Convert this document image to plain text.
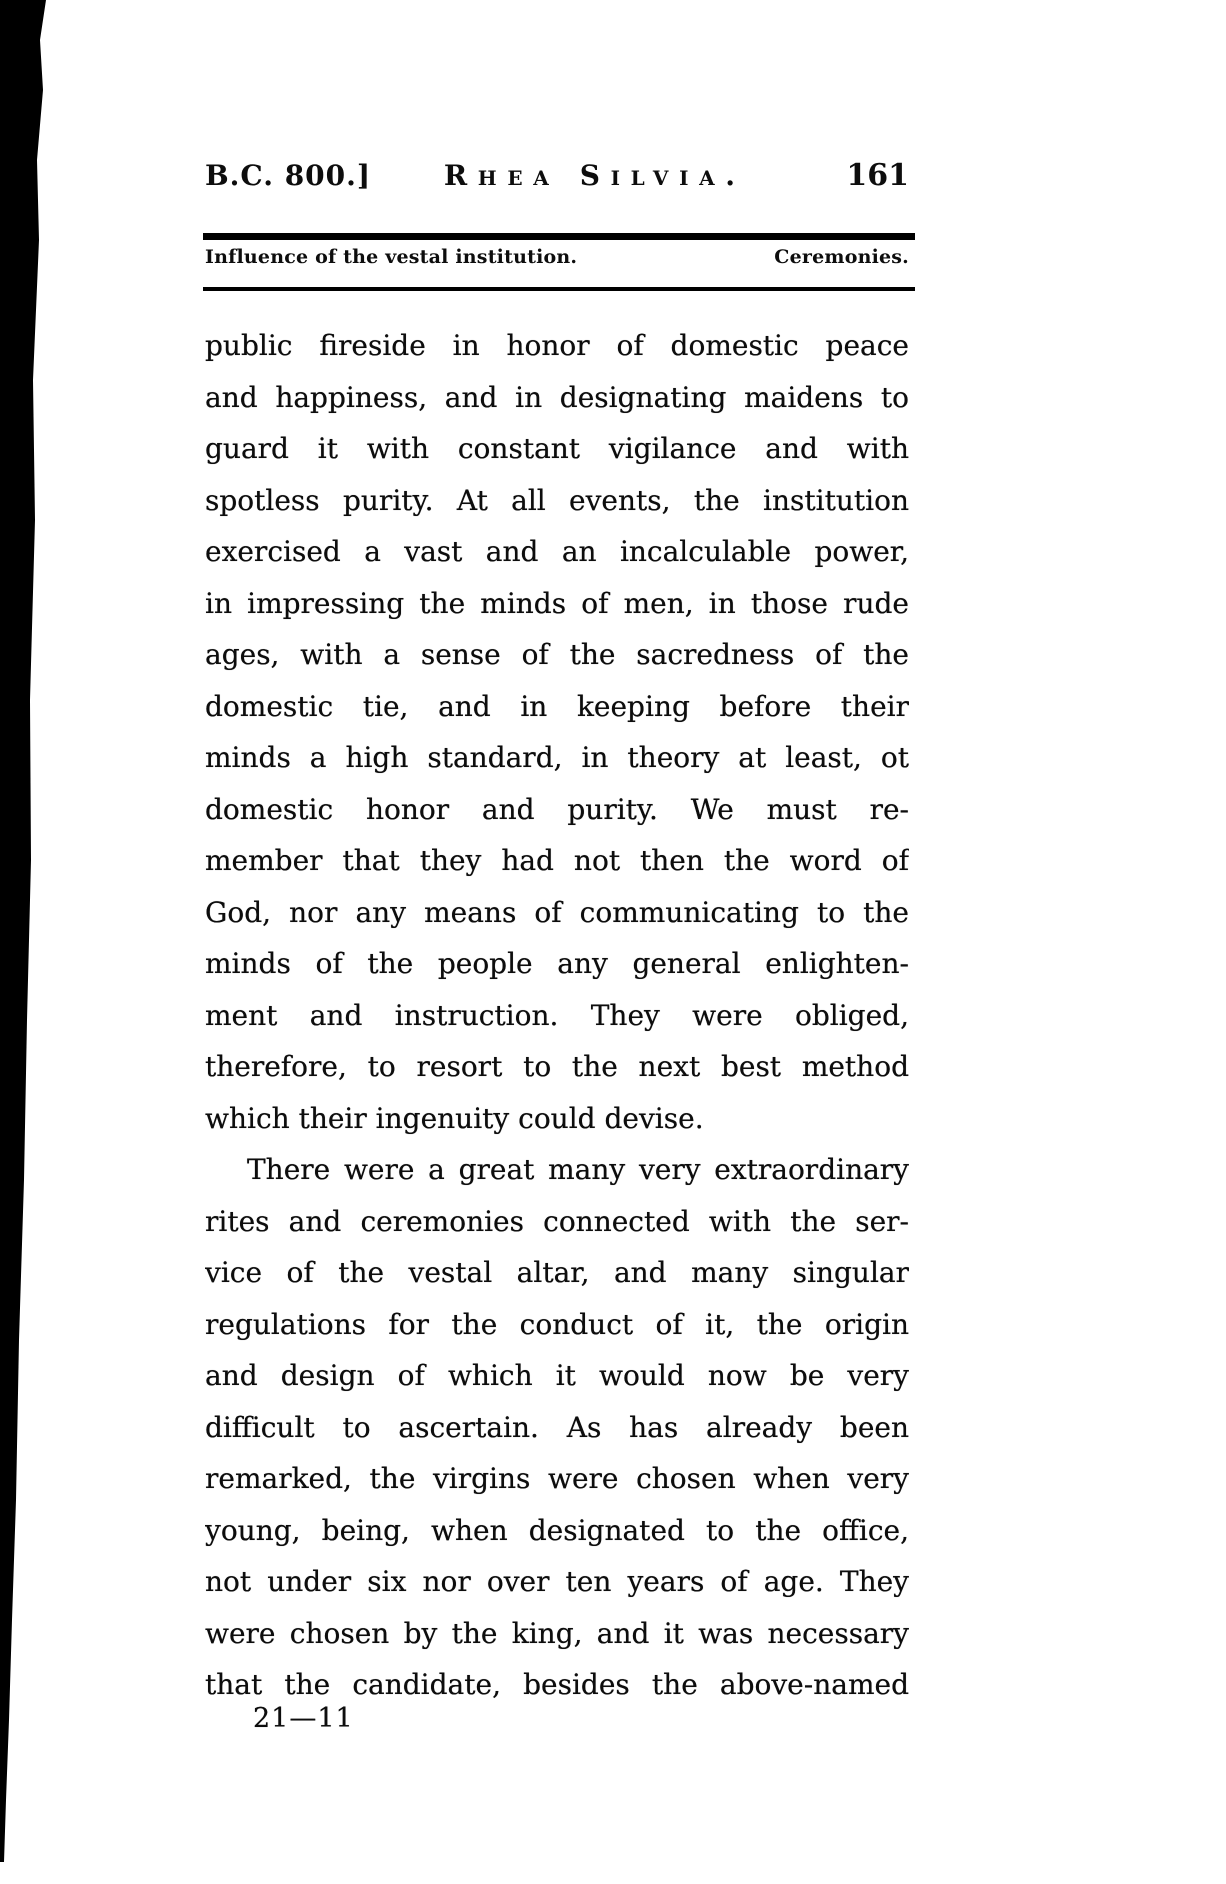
B.C. 800.]	Rhea Silvia.	161
Influence of the vestal institution.	Ceremonies.
public fireside in honor of domestic peace
and happiness, and in designating maidens to
guard it with constant vigilance and with
spotless purity. At all events, the institution
exercised a vast and an incalculable power,
in impressing the minds of men, in those rude
ages, with a sense of the sacredness of the
domestic tie, and in keeping before their
minds a high standard, in theory at least, ot
domestic honor and purity. We must re-
member that they had not then the word of
God, nor any means of communicating to the
minds of the people any general enlighten-
ment and instruction. They were obliged,
therefore, to resort to the next best method
which their ingenuity could devise.
There were a great many very extraordinary
rites and ceremonies connected with the ser-
vice of the vestal altar, and many singular
regulations for the conduct of it, the origin
and design of which it would now be very
difficult to ascertain. As has already been
remarked, the virgins were chosen when very
young, being, when designated to the office,
not under six nor over ten years of age. They
were chosen by the king, and it was necessary
that the candidate, besides the above-named
21—11
